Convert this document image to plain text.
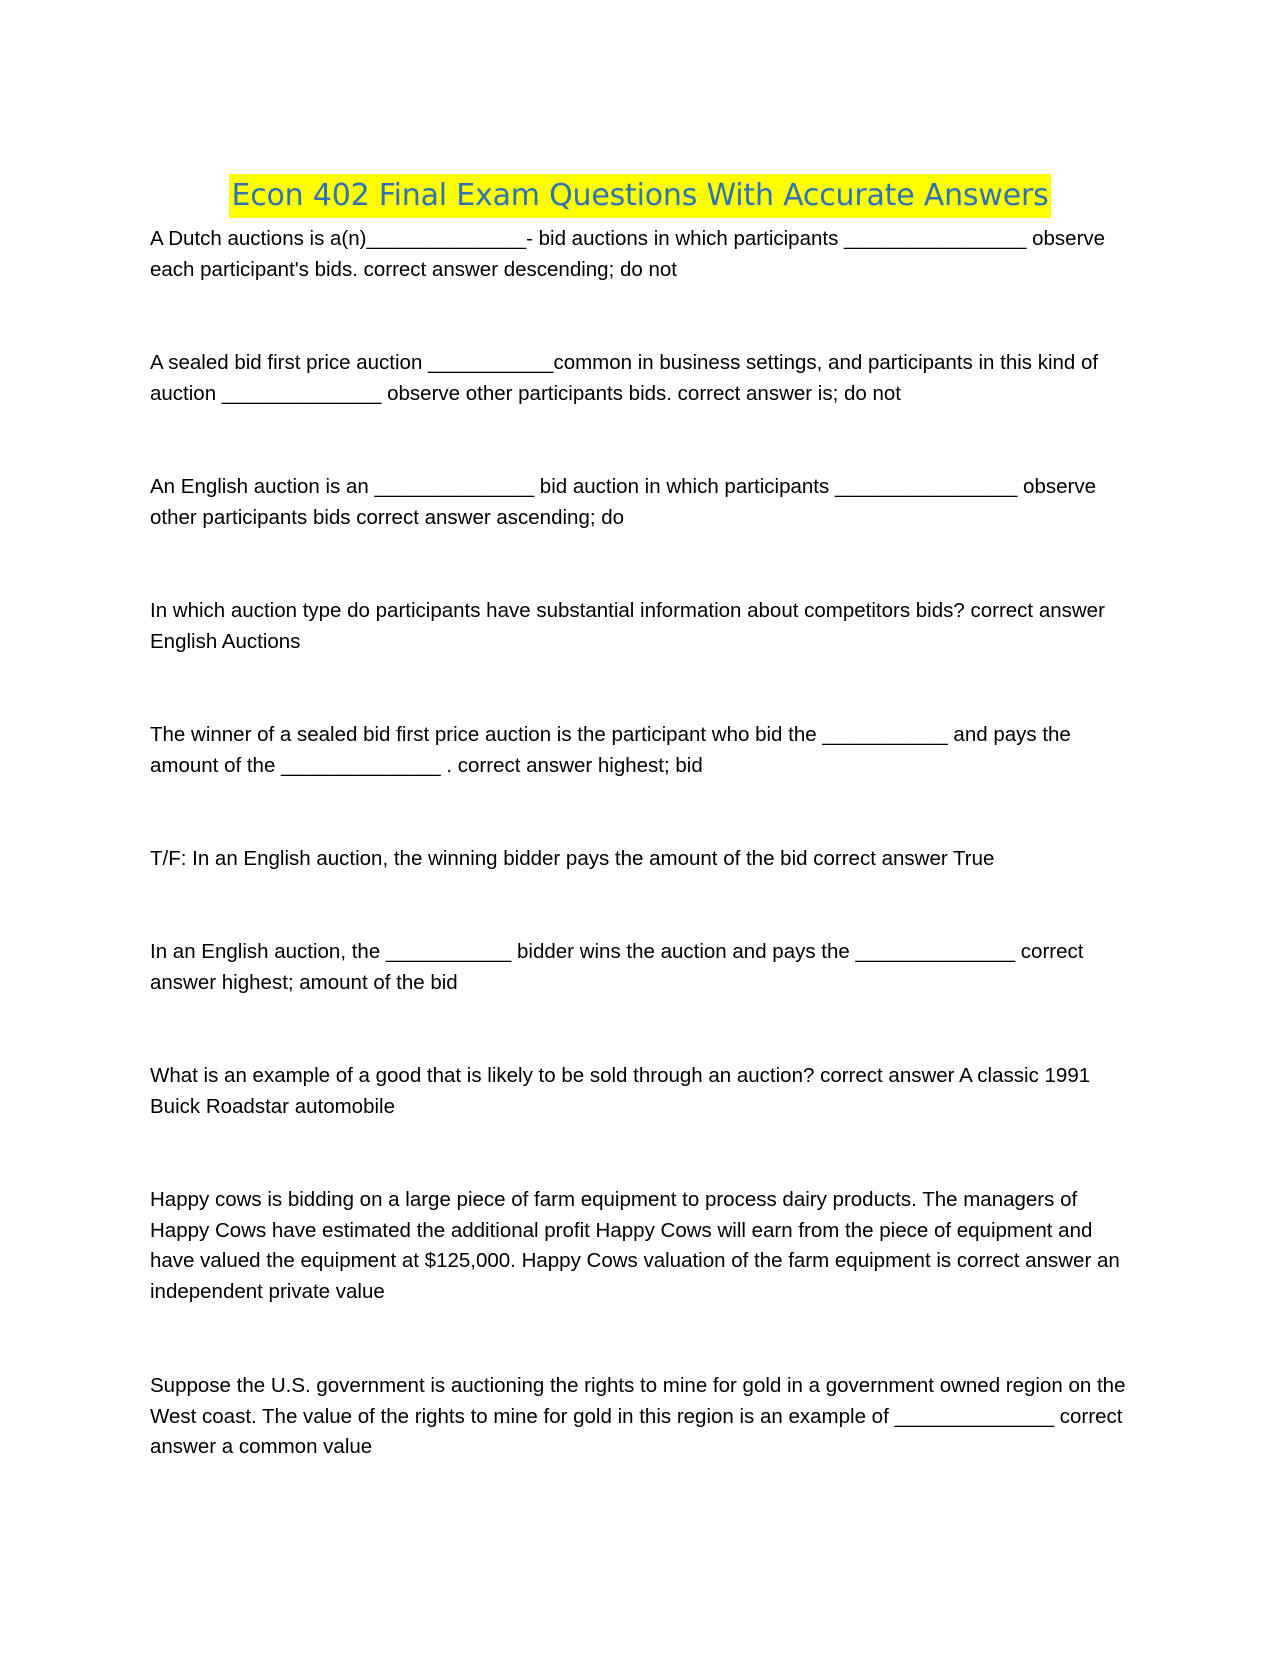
Econ 402 Final Exam Questions With Accurate Answers

A Dutch auctions is a(n)______________- bid auctions in which participants ________________ observe each participant's bids. correct answer descending; do not

A sealed bid first price auction ___________common in business settings, and participants in this kind of auction ______________ observe other participants bids. correct answer is; do not

An English auction is an ______________ bid auction in which participants ________________ observe other participants bids correct answer ascending; do

In which auction type do participants have substantial information about competitors bids? correct answer English Auctions

The winner of a sealed bid first price auction is the participant who bid the ___________ and pays the amount of the ______________ . correct answer highest; bid

T/F: In an English auction, the winning bidder pays the amount of the bid correct answer True

In an English auction, the ___________ bidder wins the auction and pays the ______________ correct answer highest; amount of the bid

What is an example of a good that is likely to be sold through an auction? correct answer A classic 1991 Buick Roadstar automobile

Happy cows is bidding on a large piece of farm equipment to process dairy products. The managers of Happy Cows have estimated the additional profit Happy Cows will earn from the piece of equipment and have valued the equipment at $125,000. Happy Cows valuation of the farm equipment is correct answer an independent private value

Suppose the U.S. government is auctioning the rights to mine for gold in a government owned region on the West coast. The value of the rights to mine for gold in this region is an example of ______________ correct answer a common value
